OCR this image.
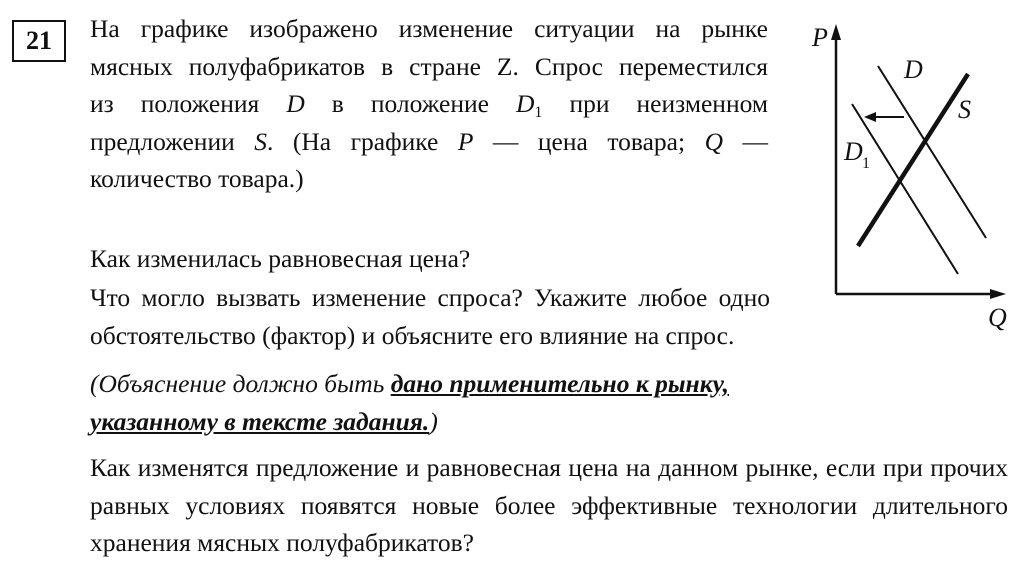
21	На графике изображено изменение ситуации на рынке
мясных полуфабрикатов в стране Z. Спрос переместился
из положения D в положение $D_1$ при неизменном
предложении S. (На графике P — цена товара; Q —
количество товара.)
Как изменилась равновесная цена?
Что могло вызвать изменение спроса? Укажите любое одно
обстоятельство (фактор) и объясните его влияние на спрос.
(Объяснение должно быть дано применительно к рынку,
указанному в тексте задания.)
Как изменятся предложение и равновесная цена на данном рынке, если при прочих
равных условиях появятся новые более эффективные технологии длительного
хранения мясных полуфабрикатов?
P
Q
D
D 1
S
